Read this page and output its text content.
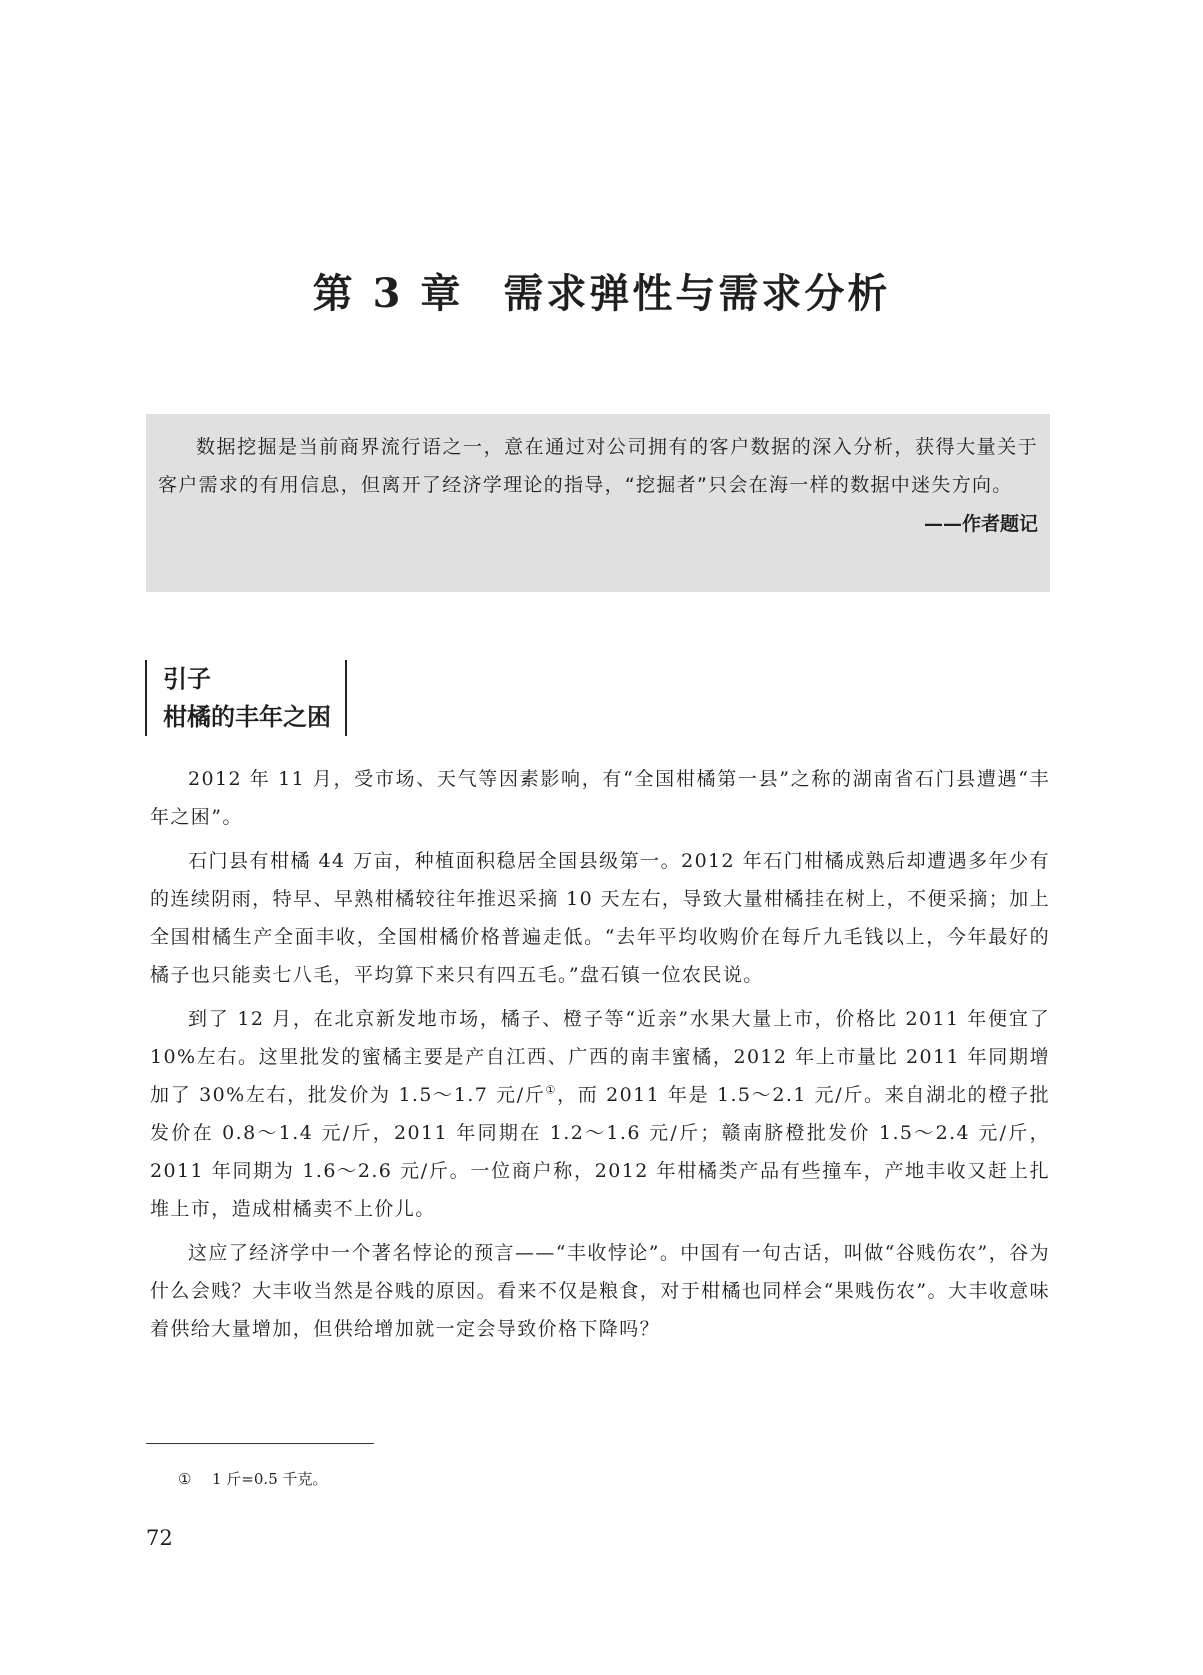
第 3 章 需求弹性与需求分析

数据挖掘是当前商界流行语之一，意在通过对公司拥有的客户数据的深入分析，获得大量关于客户需求的有用信息，但离开了经济学理论的指导，“挖掘者”只会在海一样的数据中迷失方向。

——作者题记

引子
柑橘的丰年之困

2012 年 11 月，受市场、天气等因素影响，有“全国柑橘第一县”之称的湖南省石门县遭遇“丰年之困”。

石门县有柑橘 44 万亩，种植面积稳居全国县级第一。2012 年石门柑橘成熟后却遭遇多年少有的连续阴雨，特早、早熟柑橘较往年推迟采摘 10 天左右，导致大量柑橘挂在树上，不便采摘；加上全国柑橘生产全面丰收，全国柑橘价格普遍走低。“去年平均收购价在每斤九毛钱以上，今年最好的橘子也只能卖七八毛，平均算下来只有四五毛。”盘石镇一位农民说。

到了 12 月，在北京新发地市场，橘子、橙子等“近亲”水果大量上市，价格比 2011 年便宜了 10%左右。这里批发的蜜橘主要是产自江西、广西的南丰蜜橘，2012 年上市量比 2011 年同期增加了 30%左右，批发价为 1.5～1.7 元/斤①，而 2011 年是 1.5～2.1 元/斤。来自湖北的橙子批发价在 0.8～1.4 元/斤，2011 年同期在 1.2～1.6 元/斤；赣南脐橙批发价 1.5～2.4 元/斤，2011 年同期为 1.6～2.6 元/斤。一位商户称，2012 年柑橘类产品有些撞车，产地丰收又赶上扎堆上市，造成柑橘卖不上价儿。

这应了经济学中一个著名悖论的预言——“丰收悖论”。中国有一句古话，叫做“谷贱伤农”，谷为什么会贱？大丰收当然是谷贱的原因。看来不仅是粮食，对于柑橘也同样会“果贱伤农”。大丰收意味着供给大量增加，但供给增加就一定会导致价格下降吗？

① 1 斤=0.5 千克。
72
